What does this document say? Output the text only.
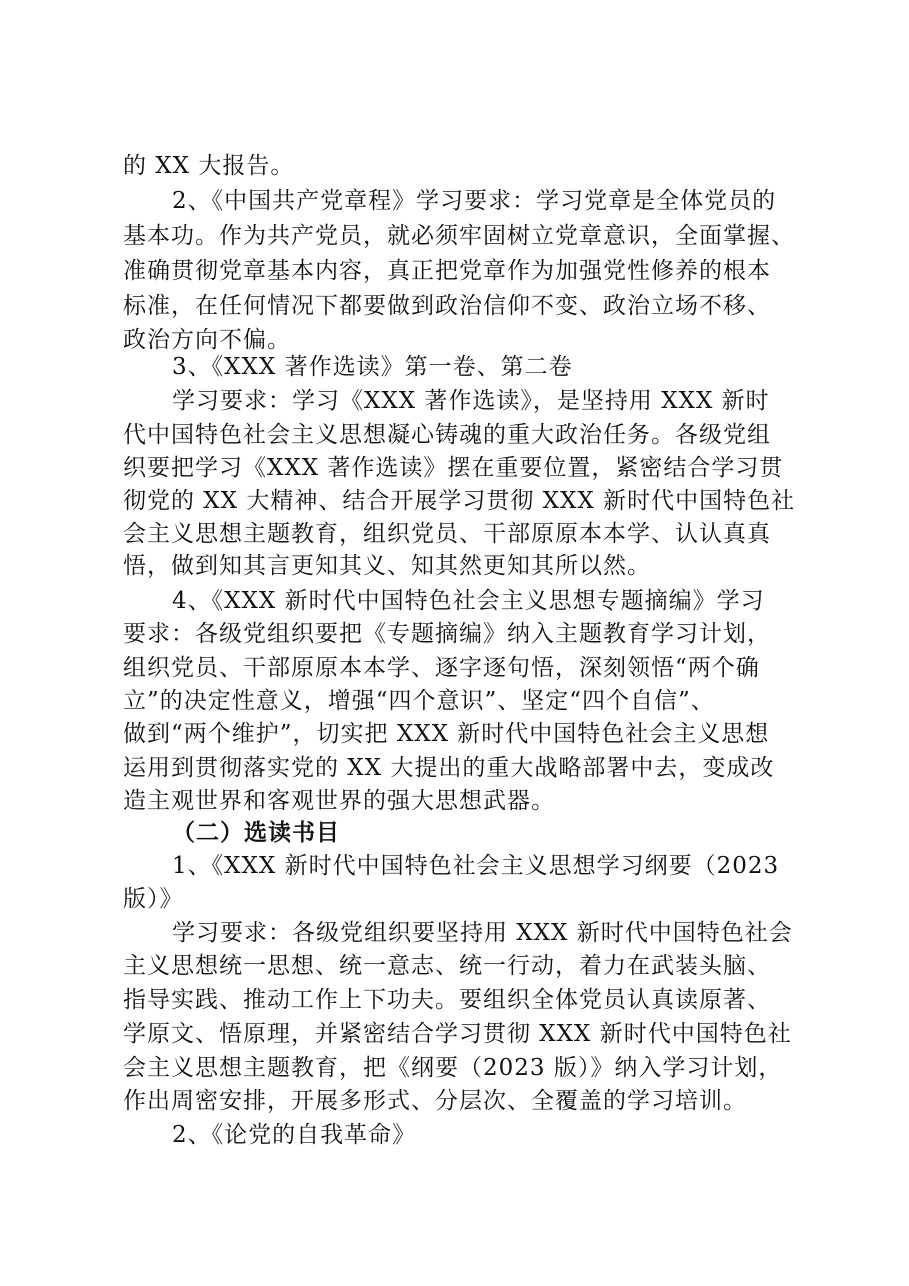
的 XX 大报告。
2、《中国共产党章程》学习要求：学习党章是全体党员的
基本功。作为共产党员，就必须牢固树立党章意识，全面掌握、
准确贯彻党章基本内容，真正把党章作为加强党性修养的根本
标准，在任何情况下都要做到政治信仰不变、政治立场不移、
政治方向不偏。
3、《XXX 著作选读》第一卷、第二卷
学习要求：学习《XXX 著作选读》，是坚持用 XXX 新时
代中国特色社会主义思想凝心铸魂的重大政治任务。各级党组
织要把学习《XXX 著作选读》摆在重要位置，紧密结合学习贯
彻党的 XX 大精神、结合开展学习贯彻 XXX 新时代中国特色社
会主义思想主题教育，组织党员、干部原原本本学、认认真真
悟，做到知其言更知其义、知其然更知其所以然。
4、《XXX 新时代中国特色社会主义思想专题摘编》学习
要求：各级党组织要把《专题摘编》纳入主题教育学习计划，
组织党员、干部原原本本学、逐字逐句悟，深刻领悟“两个确
立”的决定性意义，增强“四个意识”、坚定“四个自信”、
做到“两个维护”，切实把 XXX 新时代中国特色社会主义思想
运用到贯彻落实党的 XX 大提出的重大战略部署中去，变成改
造主观世界和客观世界的强大思想武器。
（二）选读书目
1、《XXX 新时代中国特色社会主义思想学习纲要（2023
版）》
学习要求：各级党组织要坚持用 XXX 新时代中国特色社会
主义思想统一思想、统一意志、统一行动，着力在武装头脑、
指导实践、推动工作上下功夫。要组织全体党员认真读原著、
学原文、悟原理，并紧密结合学习贯彻 XXX 新时代中国特色社
会主义思想主题教育，把《纲要（2023 版）》纳入学习计划，
作出周密安排，开展多形式、分层次、全覆盖的学习培训。
2、《论党的自我革命》
